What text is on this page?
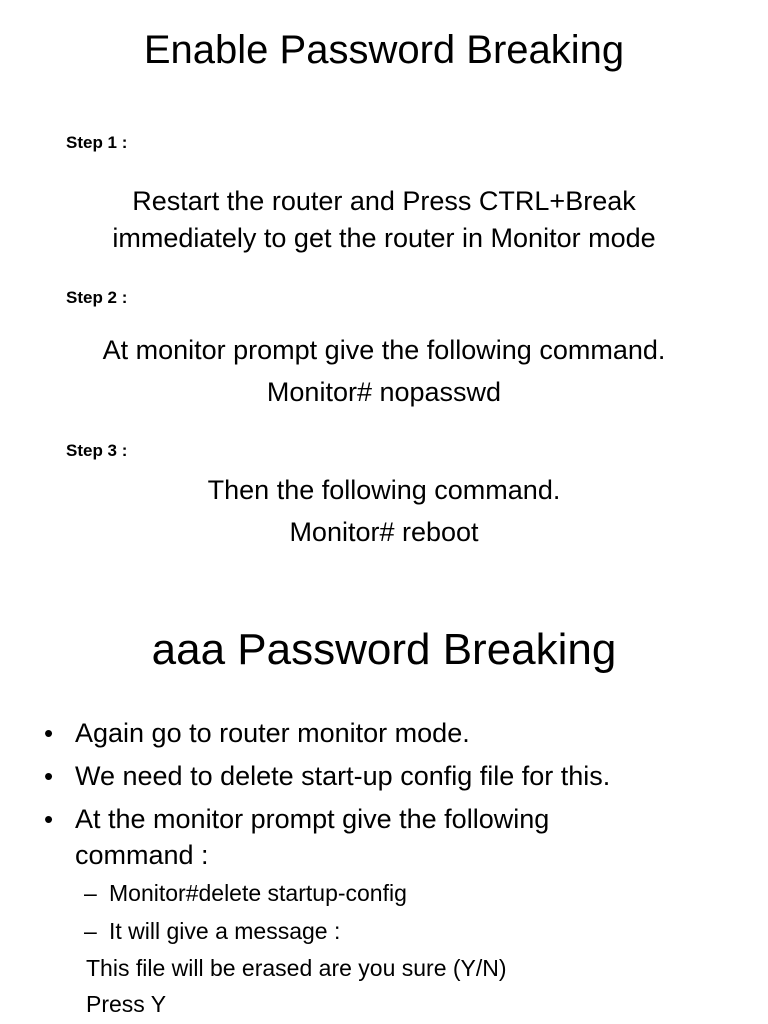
Enable Password Breaking
Step 1 :
Restart the router and Press CTRL+Break
immediately to get the router in Monitor mode
Step 2 :
At monitor prompt give the following command.
Monitor# nopasswd
Step 3 :
Then the following command.
Monitor# reboot
aaa Password Breaking
• Again go to router monitor mode.
• We need to delete start-up config file for this.
• At the monitor prompt give the following
command :
– Monitor#delete startup-config
– It will give a message :
This file will be erased are you sure (Y/N)
Press Y
